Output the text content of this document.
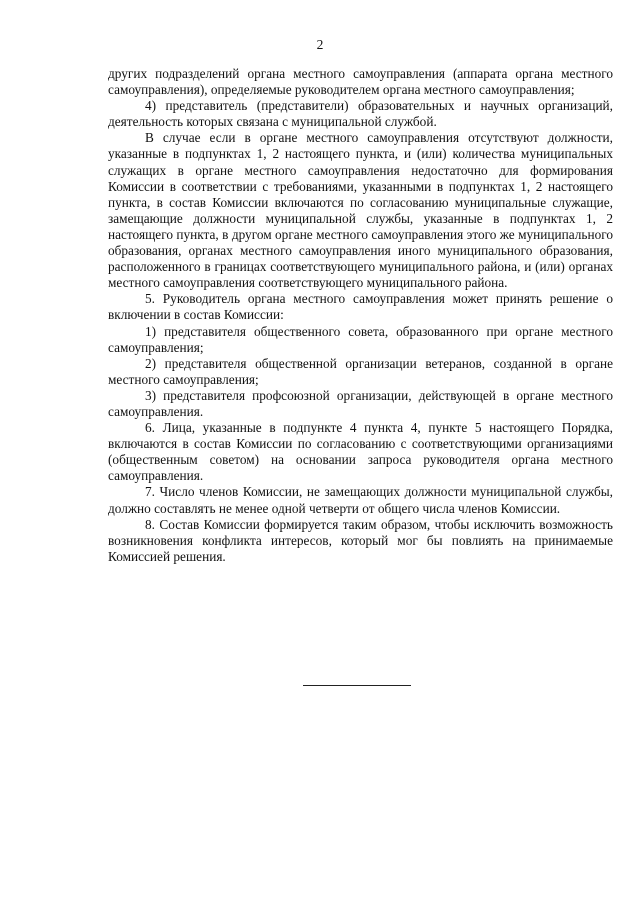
2

других подразделений органа местного самоуправления (аппарата органа местного самоуправления), определяемые руководителем органа местного самоуправления;

4) представитель (представители) образовательных и научных организаций, деятельность которых связана с муниципальной службой.

В случае если в органе местного самоуправления отсутствуют должности, указанные в подпунктах 1, 2 настоящего пункта, и (или) количества муниципальных служащих в органе местного самоуправления недостаточно для формирования Комиссии в соответствии с требованиями, указанными в подпунктах 1, 2 настоящего пункта, в состав Комиссии включаются по согласованию муниципальные служащие, замещающие должности муниципальной службы, указанные в подпунктах 1, 2 настоящего пункта, в другом органе местного самоуправления этого же муниципального образования, органах местного самоуправления иного муниципального образования, расположенного в границах соответствующего муниципального района, и (или) органах местного самоуправления соответствующего муниципального района.

5. Руководитель органа местного самоуправления может принять решение о включении в состав Комиссии:

1) представителя общественного совета, образованного при органе местного самоуправления;

2) представителя общественной организации ветеранов, созданной в органе местного самоуправления;

3) представителя профсоюзной организации, действующей в органе местного самоуправления.

6. Лица, указанные в подпункте 4 пункта 4, пункте 5 настоящего Порядка, включаются в состав Комиссии по согласованию с соответствующими организациями (общественным советом) на основании запроса руководителя органа местного самоуправления.

7. Число членов Комиссии, не замещающих должности муниципальной службы, должно составлять не менее одной четверти от общего числа членов Комиссии.

8. Состав Комиссии формируется таким образом, чтобы исключить возможность возникновения конфликта интересов, который мог бы повлиять на принимаемые Комиссией решения.
